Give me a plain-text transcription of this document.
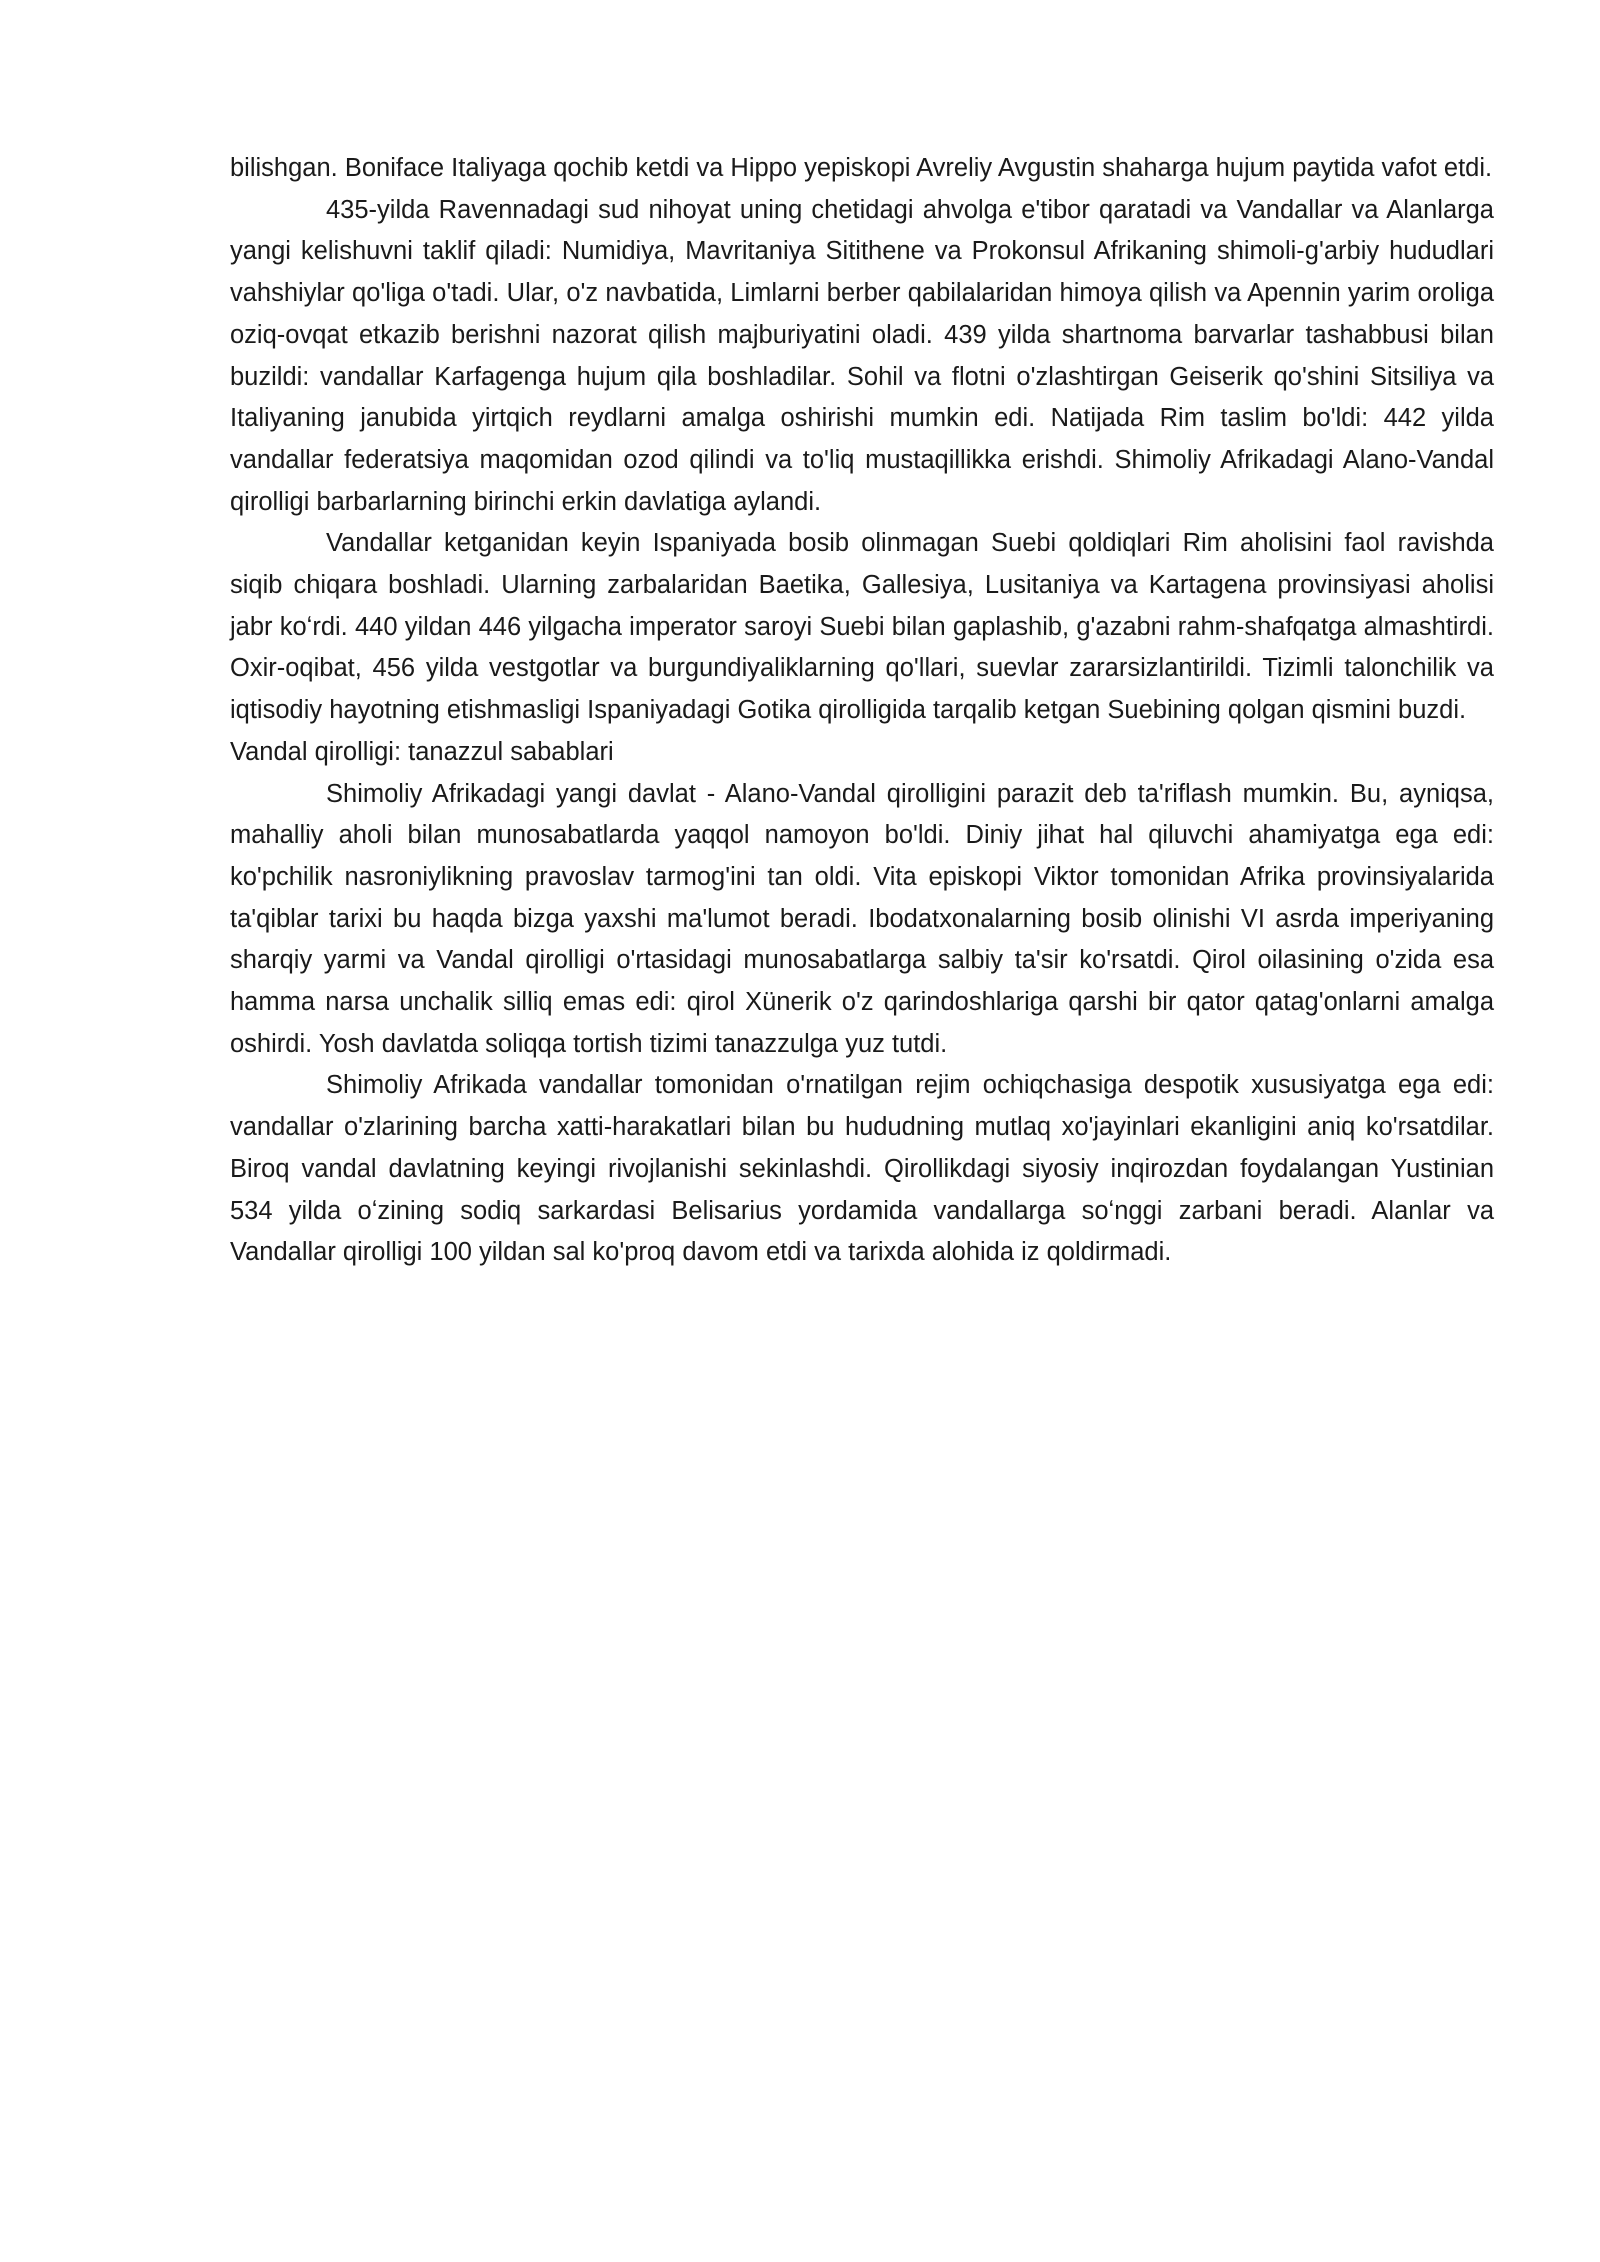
bilishgan. Boniface Italiyaga qochib ketdi va Hippo yepiskopi Avreliy Avgustin shaharga hujum paytida vafot etdi.

435-yilda Ravennadagi sud nihoyat uning chetidagi ahvolga e'tibor qaratadi va Vandallar va Alanlarga yangi kelishuvni taklif qiladi: Numidiya, Mavritaniya Sitithene va Prokonsul Afrikaning shimoli-g'arbiy hududlari vahshiylar qo'liga o'tadi. Ular, o'z navbatida, Limlarni berber qabilalaridan himoya qilish va Apennin yarim oroliga oziq-ovqat etkazib berishni nazorat qilish majburiyatini oladi. 439 yilda shartnoma barvarlar tashabbusi bilan buzildi: vandallar Karfagenga hujum qila boshladilar. Sohil va flotni o'zlashtirgan Geiserik qo'shini Sitsiliya va Italiyaning janubida yirtqich reydlarni amalga oshirishi mumkin edi. Natijada Rim taslim bo'ldi: 442 yilda vandallar federatsiya maqomidan ozod qilindi va to'liq mustaqillikka erishdi. Shimoliy Afrikadagi Alano-Vandal qirolligi barbarlarning birinchi erkin davlatiga aylandi.

Vandallar ketganidan keyin Ispaniyada bosib olinmagan Suebi qoldiqlari Rim aholisini faol ravishda siqib chiqara boshladi. Ularning zarbalaridan Baetika, Gallesiya, Lusitaniya va Kartagena provinsiyasi aholisi jabr koʻrdi. 440 yildan 446 yilgacha imperator saroyi Suebi bilan gaplashib, g'azabni rahm-shafqatga almashtirdi. Oxir-oqibat, 456 yilda vestgotlar va burgundiyaliklarning qo'llari, suevlar zararsizlantirildi. Tizimli talonchilik va iqtisodiy hayotning etishmasligi Ispaniyadagi Gotika qirolligida tarqalib ketgan Suebining qolgan qismini buzdi.

Vandal qirolligi: tanazzul sabablari

Shimoliy Afrikadagi yangi davlat - Alano-Vandal qirolligini parazit deb ta'riflash mumkin. Bu, ayniqsa, mahalliy aholi bilan munosabatlarda yaqqol namoyon bo'ldi. Diniy jihat hal qiluvchi ahamiyatga ega edi: ko'pchilik nasroniylikning pravoslav tarmog'ini tan oldi. Vita episkopi Viktor tomonidan Afrika provinsiyalarida ta'qiblar tarixi bu haqda bizga yaxshi ma'lumot beradi. Ibodatxonalarning bosib olinishi VI asrda imperiyaning sharqiy yarmi va Vandal qirolligi o'rtasidagi munosabatlarga salbiy ta'sir ko'rsatdi. Qirol oilasining o'zida esa hamma narsa unchalik silliq emas edi: qirol Xünerik o'z qarindoshlariga qarshi bir qator qatag'onlarni amalga oshirdi. Yosh davlatda soliqqa tortish tizimi tanazzulga yuz tutdi.

Shimoliy Afrikada vandallar tomonidan o'rnatilgan rejim ochiqchasiga despotik xususiyatga ega edi: vandallar o'zlarining barcha xatti-harakatlari bilan bu hududning mutlaq xo'jayinlari ekanligini aniq ko'rsatdilar. Biroq vandal davlatning keyingi rivojlanishi sekinlashdi. Qirollikdagi siyosiy inqirozdan foydalangan Yustinian 534 yilda oʻzining sodiq sarkardasi Belisarius yordamida vandallarga soʻnggi zarbani beradi. Alanlar va Vandallar qirolligi 100 yildan sal ko'proq davom etdi va tarixda alohida iz qoldirmadi.
